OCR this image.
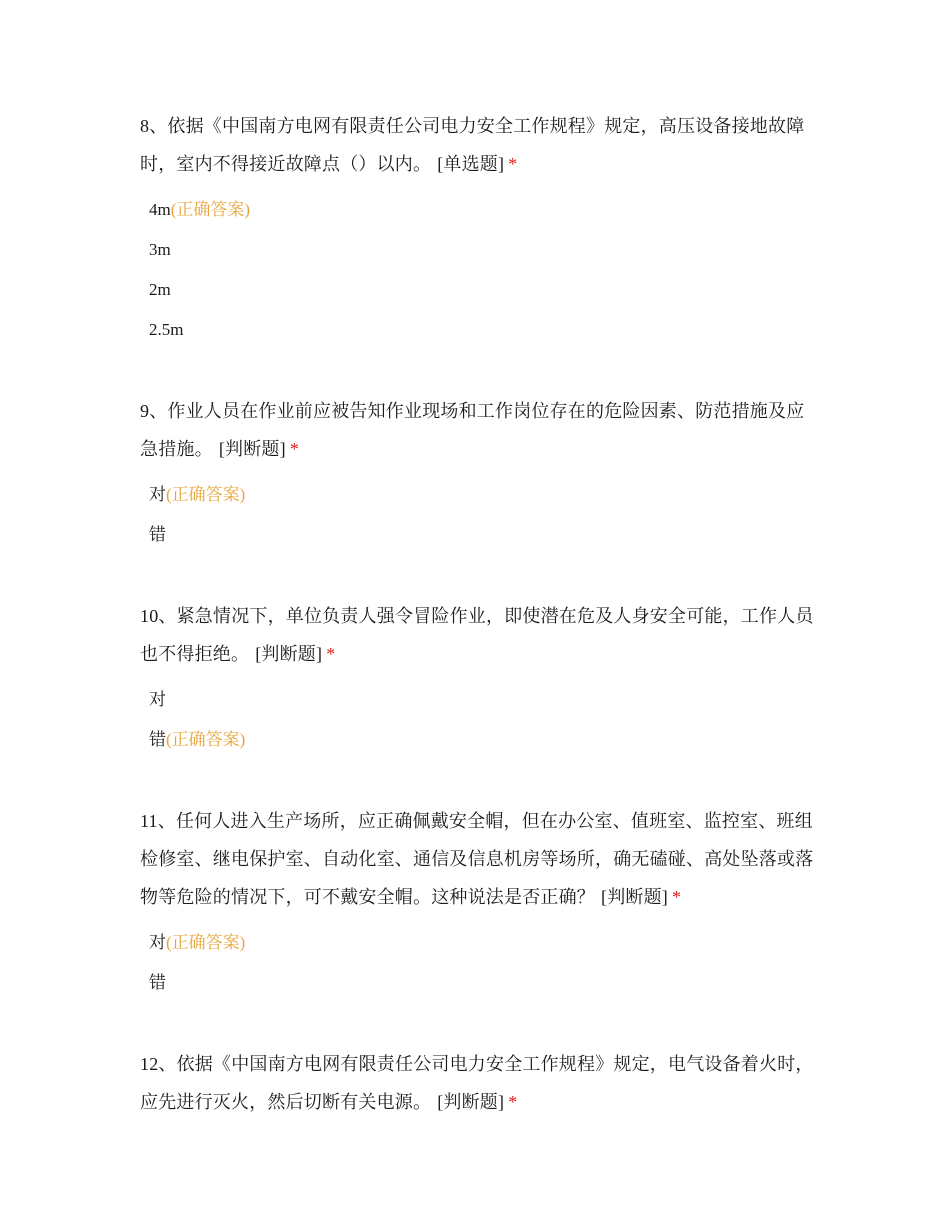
8、依据《中国南方电网有限责任公司电力安全工作规程》规定，高压设备接地故障时，室内不得接近故障点（）以内。 [单选题] *
4m(正确答案)
3m
2m
2.5m
9、作业人员在作业前应被告知作业现场和工作岗位存在的危险因素、防范措施及应急措施。 [判断题] *
对(正确答案)
错
10、紧急情况下，单位负责人强令冒险作业，即使潜在危及人身安全可能，工作人员也不得拒绝。 [判断题] *
对
错(正确答案)
11、任何人进入生产场所，应正确佩戴安全帽，但在办公室、值班室、监控室、班组检修室、继电保护室、自动化室、通信及信息机房等场所，确无磕碰、高处坠落或落物等危险的情况下，可不戴安全帽。这种说法是否正确？ [判断题] *
对(正确答案)
错
12、依据《中国南方电网有限责任公司电力安全工作规程》规定，电气设备着火时，应先进行灭火，然后切断有关电源。 [判断题] *
